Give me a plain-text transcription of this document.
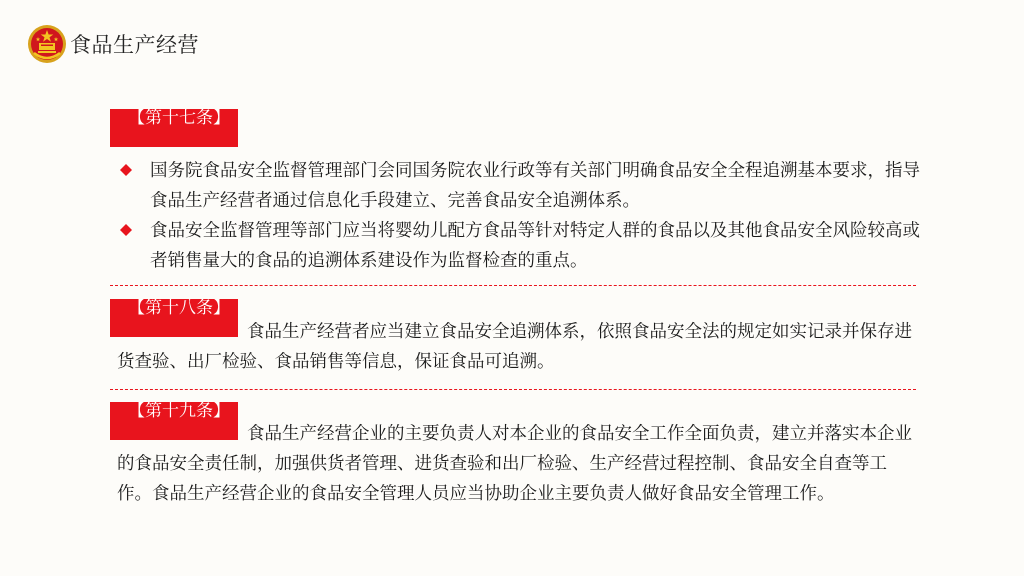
食品生产经营
【第十七条】
国务院食品安全监督管理部门会同国务院农业行政等有关部门明确食品安全全程追溯基本要求，指导食品生产经营者通过信息化手段建立、完善食品安全追溯体系。
食品安全监督管理等部门应当将婴幼儿配方食品等针对特定人群的食品以及其他食品安全风险较高或者销售量大的食品的追溯体系建设作为监督检查的重点。
【第十八条】
食品生产经营者应当建立食品安全追溯体系，依照食品安全法的规定如实记录并保存进货查验、出厂检验、食品销售等信息，保证食品可追溯。
【第十九条】
食品生产经营企业的主要负责人对本企业的食品安全工作全面负责，建立并落实本企业的食品安全责任制，加强供货者管理、进货查验和出厂检验、生产经营过程控制、食品安全自查等工作。食品生产经营企业的食品安全管理人员应当协助企业主要负责人做好食品安全管理工作。
